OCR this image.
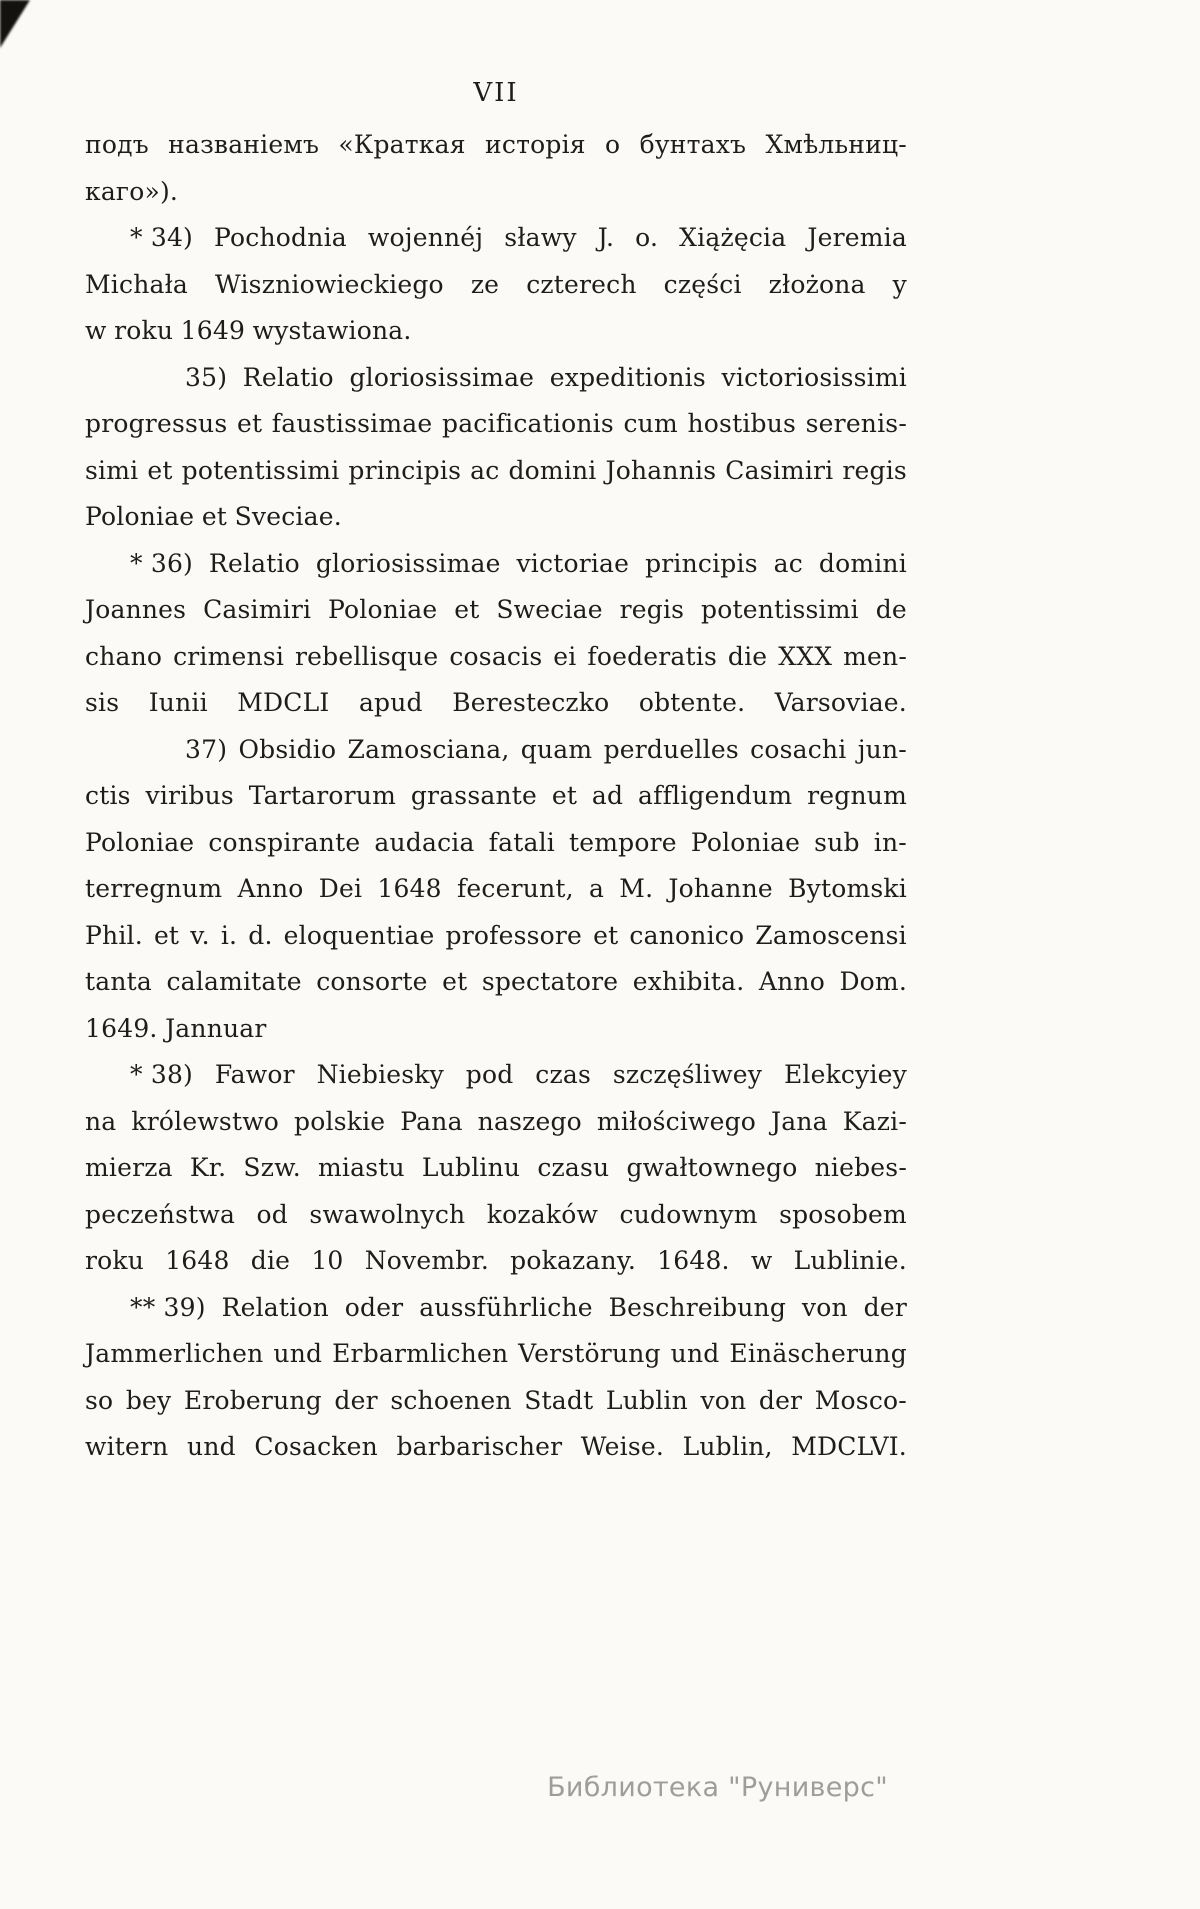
VII
подъ названіемъ «Краткая исторія о бунтахъ Хмѣльниц-
каго»).
* 34) Pochodnia wojennéj sławy J. o. Xiążęcia Jeremia
Michała Wiszniowieckiego ze czterech części złożona y
w roku 1649 wystawiona.
35) Relatio gloriosissimae expeditionis victoriosissimi
progressus et faustissimae pacificationis cum hostibus serenis-
simi et potentissimi principis ac domini Johannis Casimiri regis
Poloniae et Sveciae.
* 36) Relatio gloriosissimae victoriae principis ac domini
Joannes Casimiri Poloniae et Sweciae regis potentissimi de
chano crimensi rebellisque cosacis ei foederatis die XXX men-
sis Iunii MDCLI apud Beresteczko obtente. Varsoviae.
37) Obsidio Zamosciana, quam perduelles cosachi jun-
ctis viribus Tartarorum grassante et ad affligendum regnum
Poloniae conspirante audacia fatali tempore Poloniae sub in-
terregnum Anno Dei 1648 fecerunt, a M. Johanne Bytomski
Phil. et v. i. d. eloquentiae professore et canonico Zamoscensi
tanta calamitate consorte et spectatore exhibita. Anno Dom.
1649. Jannuar
* 38) Fawor Niebiesky pod czas szczęśliwey Elekcyiey
na królewstwo polskie Pana naszego miłościwego Jana Kazi-
mierza Kr. Szw. miastu Lublinu czasu gwałtownego niebes-
peczeństwa od swawolnych kozaków cudownym sposobem
roku 1648 die 10 Novembr. pokazany. 1648. w Lublinie.
** 39) Relation oder aussführliche Beschreibung von der
Jammerlichen und Erbarmlichen Verstörung und Einäscherung
so bey Eroberung der schoenen Stadt Lublin von der Mosco-
witern und Cosacken barbarischer Weise. Lublin, MDCLVI.
Библиотека "Руниверс"
